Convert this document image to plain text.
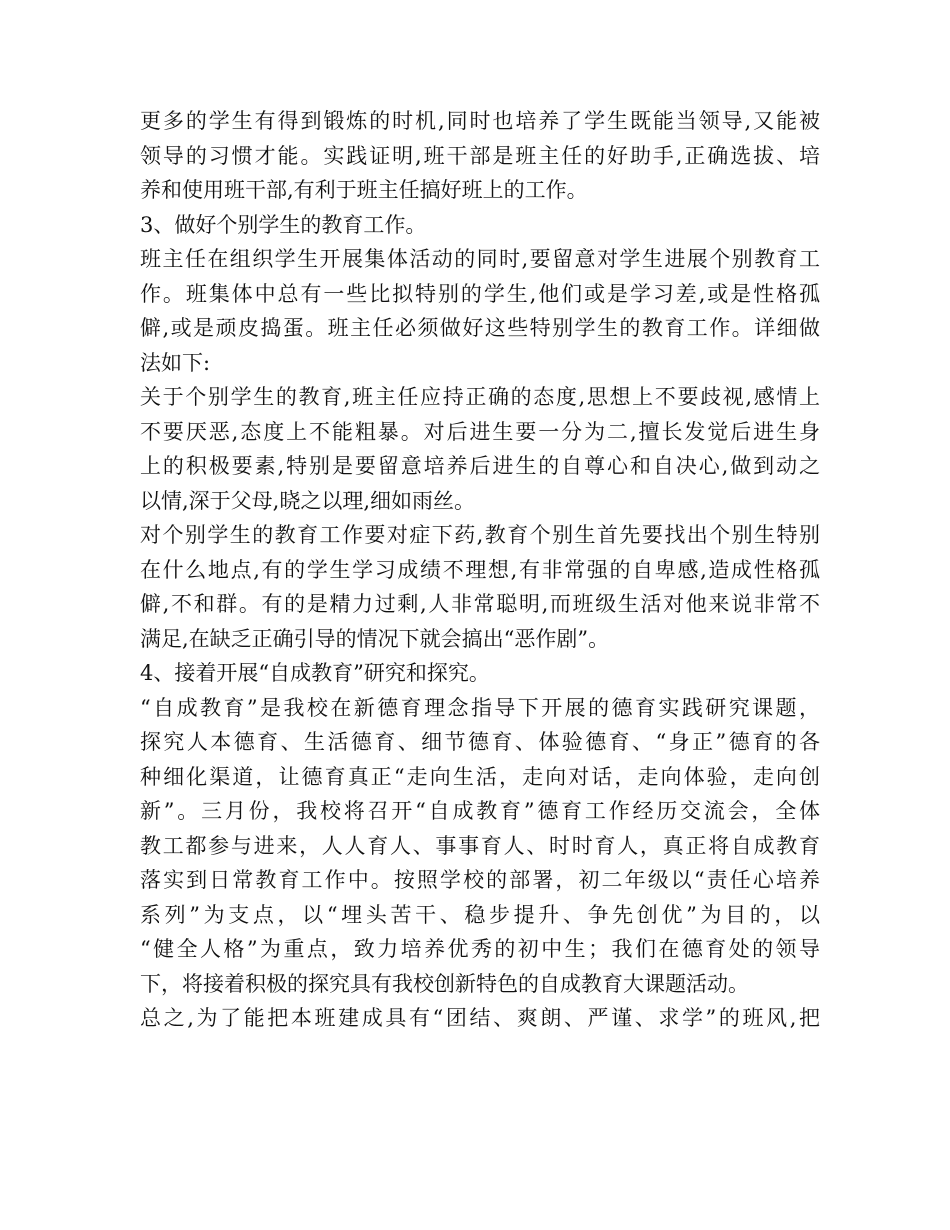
更多的学生有得到锻炼的时机,同时也培养了学生既能当领导,又能被
领导的习惯才能。实践证明,班干部是班主任的好助手,正确选拔、培
养和使用班干部,有利于班主任搞好班上的工作。
3、做好个别学生的教育工作。
班主任在组织学生开展集体活动的同时,要留意对学生进展个别教育工
作。班集体中总有一些比拟特别的学生,他们或是学习差,或是性格孤
僻,或是顽皮捣蛋。班主任必须做好这些特别学生的教育工作。详细做
法如下:
关于个别学生的教育,班主任应持正确的态度,思想上不要歧视,感情上
不要厌恶,态度上不能粗暴。对后进生要一分为二,擅长发觉后进生身
上的积极要素,特别是要留意培养后进生的自尊心和自决心,做到动之
以情,深于父母,晓之以理,细如雨丝。
对个别学生的教育工作要对症下药,教育个别生首先要找出个别生特别
在什么地点,有的学生学习成绩不理想,有非常强的自卑感,造成性格孤
僻,不和群。有的是精力过剩,人非常聪明,而班级生活对他来说非常不
满足,在缺乏正确引导的情况下就会搞出“恶作剧”。
4、接着开展“自成教育”研究和探究。
“自成教育”是我校在新德育理念指导下开展的德育实践研究课题，
探究人本德育、生活德育、细节德育、体验德育、“身正”德育的各
种细化渠道，让德育真正“走向生活，走向对话，走向体验，走向创
新”。三月份，我校将召开“自成教育”德育工作经历交流会，全体
教工都参与进来，人人育人、事事育人、时时育人，真正将自成教育
落实到日常教育工作中。按照学校的部署，初二年级以“责任心培养
系列”为支点，以“埋头苦干、稳步提升、争先创优”为目的，以
“健全人格”为重点，致力培养优秀的初中生；我们在德育处的领导
下，将接着积极的探究具有我校创新特色的自成教育大课题活动。
总之,为了能把本班建成具有“团结、爽朗、严谨、求学”的班风,把
